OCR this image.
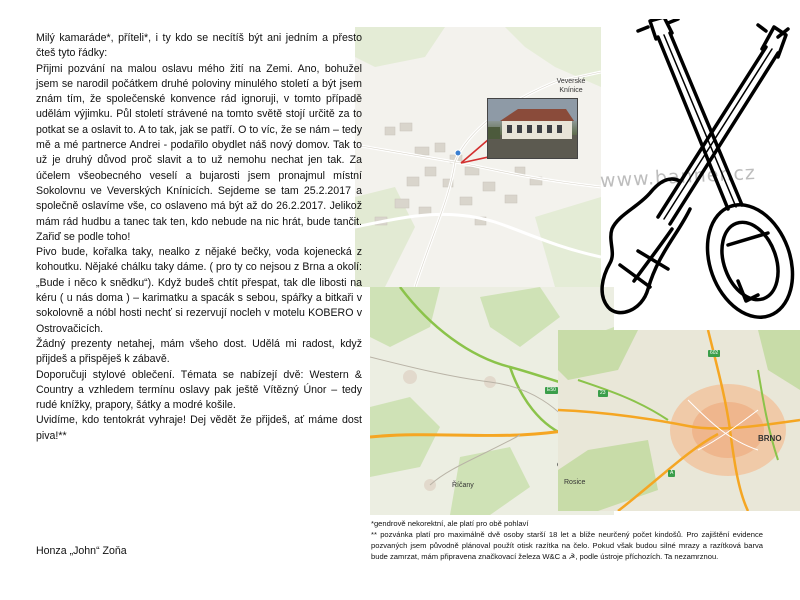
Veverské
Knínice
E50
Říčany
BRNO
Rosice
23
602
A
www.banner.cz

Milý kamaráde*, příteli*, i ty kdo se necítíš být ani jedním a přesto čteš tyto řádky:

Přijmi pozvání na malou oslavu mého žití na Zemi. Ano, bohužel jsem se narodil počátkem druhé poloviny minulého století a být jsem znám tím, že společenské konvence rád ignoruji, v tomto případě udělám výjimku. Půl století strávené na tomto světě stojí určitě za to potkat se a oslavit to. A to tak, jak se patří. O to víc, že se nám – tedy mě a mé partnerce Andrei - podařilo obydlet náš nový domov. Tak to už je druhý důvod proč slavit a to už nemohu nechat jen tak. Za účelem všeobecného veselí a bujarosti jsem pronajmul místní Sokolovnu ve Veverských Knínicích. Sejdeme se tam 25.2.2017 a společně oslavíme vše, co oslaveno má být až do 26.2.2017. Jelikož mám rád hudbu a tanec tak ten, kdo nebude na nic hrát, bude tančit. Zařiď se podle toho!

Pivo bude, kořalka taky, nealko z nějaké bečky, voda kojenecká z kohoutku. Nějaké chálku taky dáme. ( pro ty co nejsou z Brna a okolí: „Bude i něco k snědku“). Když budeš chtít přespat, tak dle libosti na kéru ( u nás doma ) – karimatku a spacák s sebou, spářky a bitkaři v sokolovně a nóbl hosti nechť si rezervují nocleh v motelu KOBERO v Ostrovačicích.

Žádný prezenty netahej, mám všeho dost. Udělá mi radost, když přijdeš a přispěješ k zábavě.

Doporučuji stylové oblečení. Témata se nabízejí dvě: Western & Country a vzhledem termínu oslavy pak ještě Vítězný Únor – tedy rudé knížky, prapory, šátky a modré košile.

Uvidíme, kdo tentokrát vyhraje! Dej vědět že přijdeš, ať máme dost piva!**

Honza „John“ Zoňa

*gendrově nekorektní, ale platí pro obě pohlaví

** pozvánka platí pro maximálně dvě osoby starší 18 let a bliže neurčený počet kindošů. Pro zajištění evidence pozvaných jsem původně plánoval použít otisk razítka na čelo. Pokud však budou silné mrazy a razítková barva bude zamrzat, mám připravena značkovací železa W&C a ☭, podle ústroje příchozích. Ta nezamrznou.
